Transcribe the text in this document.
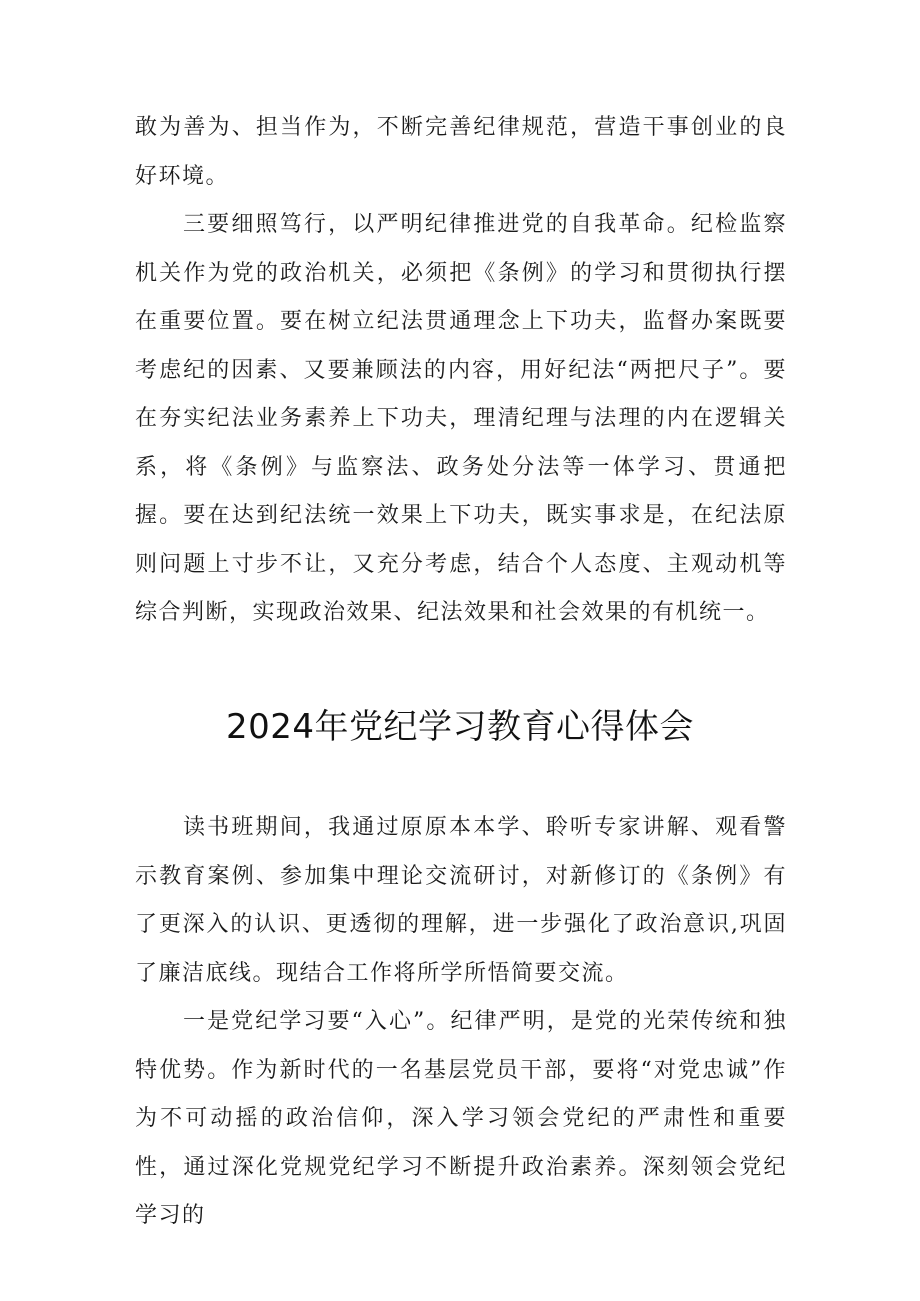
敢为善为、担当作为，不断完善纪律规范，营造干事创业的良好环境。

三要细照笃行，以严明纪律推进党的自我革命。纪检监察机关作为党的政治机关，必须把《条例》的学习和贯彻执行摆在重要位置。要在树立纪法贯通理念上下功夫，监督办案既要考虑纪的因素、又要兼顾法的内容，用好纪法“两把尺子”。要在夯实纪法业务素养上下功夫，理清纪理与法理的内在逻辑关系，将《条例》与监察法、政务处分法等一体学习、贯通把握。要在达到纪法统一效果上下功夫，既实事求是，在纪法原则问题上寸步不让，又充分考虑，结合个人态度、主观动机等综合判断，实现政治效果、纪法效果和社会效果的有机统一。

2024年党纪学习教育心得体会

读书班期间，我通过原原本本学、聆听专家讲解、观看警示教育案例、参加集中理论交流研讨，对新修订的《条例》有了更深入的认识、更透彻的理解，进一步强化了政治意识,巩固了廉洁底线。现结合工作将所学所悟简要交流。

一是党纪学习要“入心”。纪律严明，是党的光荣传统和独特优势。作为新时代的一名基层党员干部，要将“对党忠诚”作为不可动摇的政治信仰，深入学习领会党纪的严肃性和重要性，通过深化党规党纪学习不断提升政治素养。深刻领会党纪学习的
